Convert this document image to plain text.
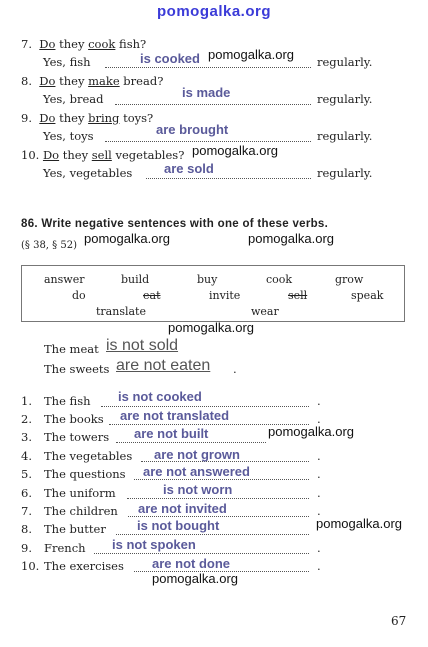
pomogalka.org
7. Do they cook fish?
Yes, fish	is cooked pomogalka.org regularly.
8. Do they make bread?
Yes, bread	is made	regularly.
9. Do they bring toys?
Yes, toys	are brought	regularly.
10. Do they sell vegetables? pomogalka.org
Yes, vegetables are sold	regularly.
86. Write negative sentences with one of these verbs.
(§ 38, § 52) pomogalka.org	pomogalka.org
answer	build	buy	cook	grow
do	eat	invite	sell	speak
translate	wear
pomogalka.org
The meat is not sold
The sweets are not eaten .
1. The fish is not cooked	.
2. The books are not translated	.
3. The towers are not built	pomogalka.org
4. The vegetables are not grown	.
5. The questions are not answered	.
6. The uniform	is not worn	.
7. The children are not invited	.
8. The butter is not bought	pomogalka.org
9. French is not spoken	.
10. The exercises are not done	.
pomogalka.org
67
